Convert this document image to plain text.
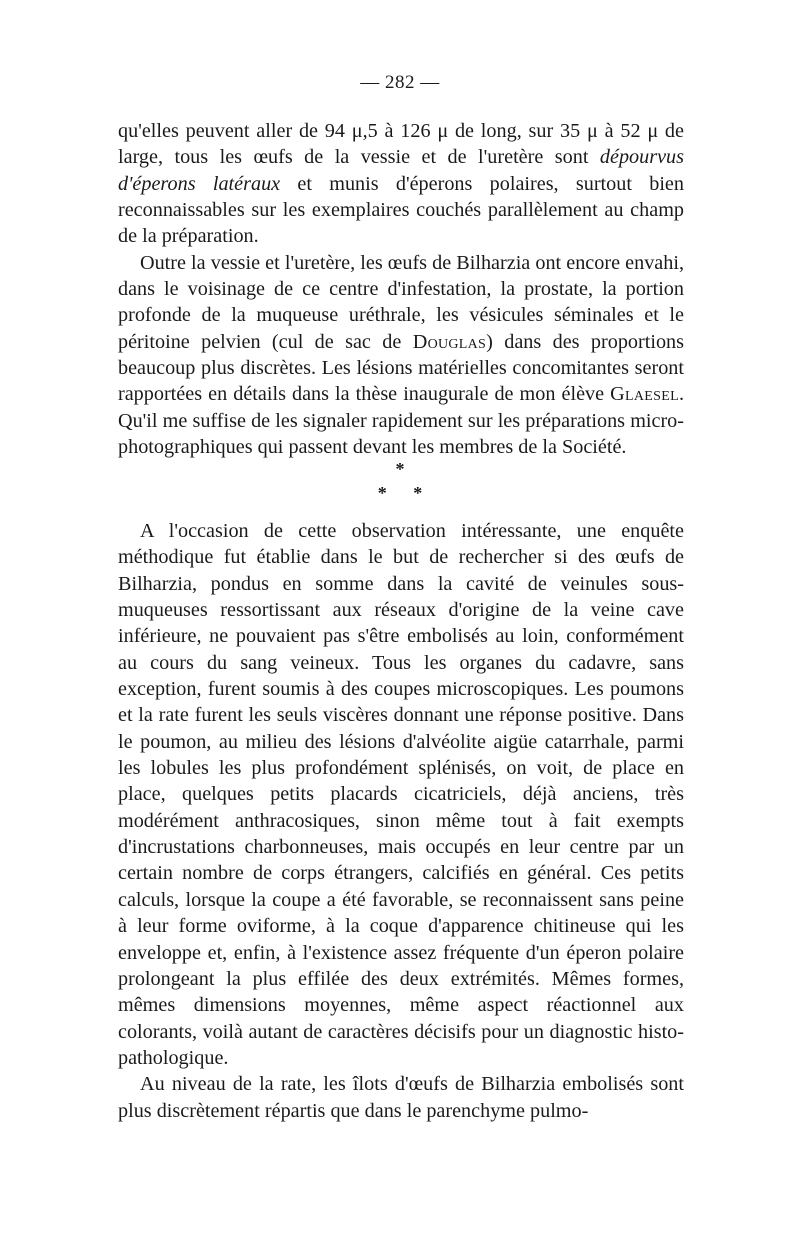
— 282 —

qu'elles peuvent aller de 94 μ,5 à 126 μ de long, sur 35 μ à 52 μ de large, tous les œufs de la vessie et de l'uretère sont dépourvus d'éperons latéraux et munis d'éperons polaires, surtout bien reconnaissables sur les exemplaires couchés parallèlement au champ de la préparation.

Outre la vessie et l'uretère, les œufs de Bilharzia ont encore envahi, dans le voisinage de ce centre d'infestation, la prostate, la portion profonde de la muqueuse uréthrale, les vésicules séminales et le péritoine pelvien (cul de sac de Douglas) dans des proportions beaucoup plus discrètes. Les lésions matérielles concomitantes seront rapportées en détails dans la thèse inaugurale de mon élève Glaesel. Qu'il me suffise de les signaler rapidement sur les préparations micro-photographiques qui passent devant les membres de la Société.

*
* *

A l'occasion de cette observation intéressante, une enquête méthodique fut établie dans le but de rechercher si des œufs de Bilharzia, pondus en somme dans la cavité de veinules sous-muqueuses ressortissant aux réseaux d'origine de la veine cave inférieure, ne pouvaient pas s'être embolisés au loin, conformément au cours du sang veineux. Tous les organes du cadavre, sans exception, furent soumis à des coupes microscopiques. Les poumons et la rate furent les seuls viscères donnant une réponse positive. Dans le poumon, au milieu des lésions d'alvéolite aigüe catarrhale, parmi les lobules les plus profondément splénisés, on voit, de place en place, quelques petits placards cicatriciels, déjà anciens, très modérément anthracosiques, sinon même tout à fait exempts d'incrustations charbonneuses, mais occupés en leur centre par un certain nombre de corps étrangers, calcifiés en général. Ces petits calculs, lorsque la coupe a été favorable, se reconnaissent sans peine à leur forme oviforme, à la coque d'apparence chitineuse qui les enveloppe et, enfin, à l'existence assez fréquente d'un éperon polaire prolongeant la plus effilée des deux extrémités. Mêmes formes, mêmes dimensions moyennes, même aspect réactionnel aux colorants, voilà autant de caractères décisifs pour un diagnostic histo-pathologique.

Au niveau de la rate, les îlots d'œufs de Bilharzia embolisés sont plus discrètement répartis que dans le parenchyme pulmo-
